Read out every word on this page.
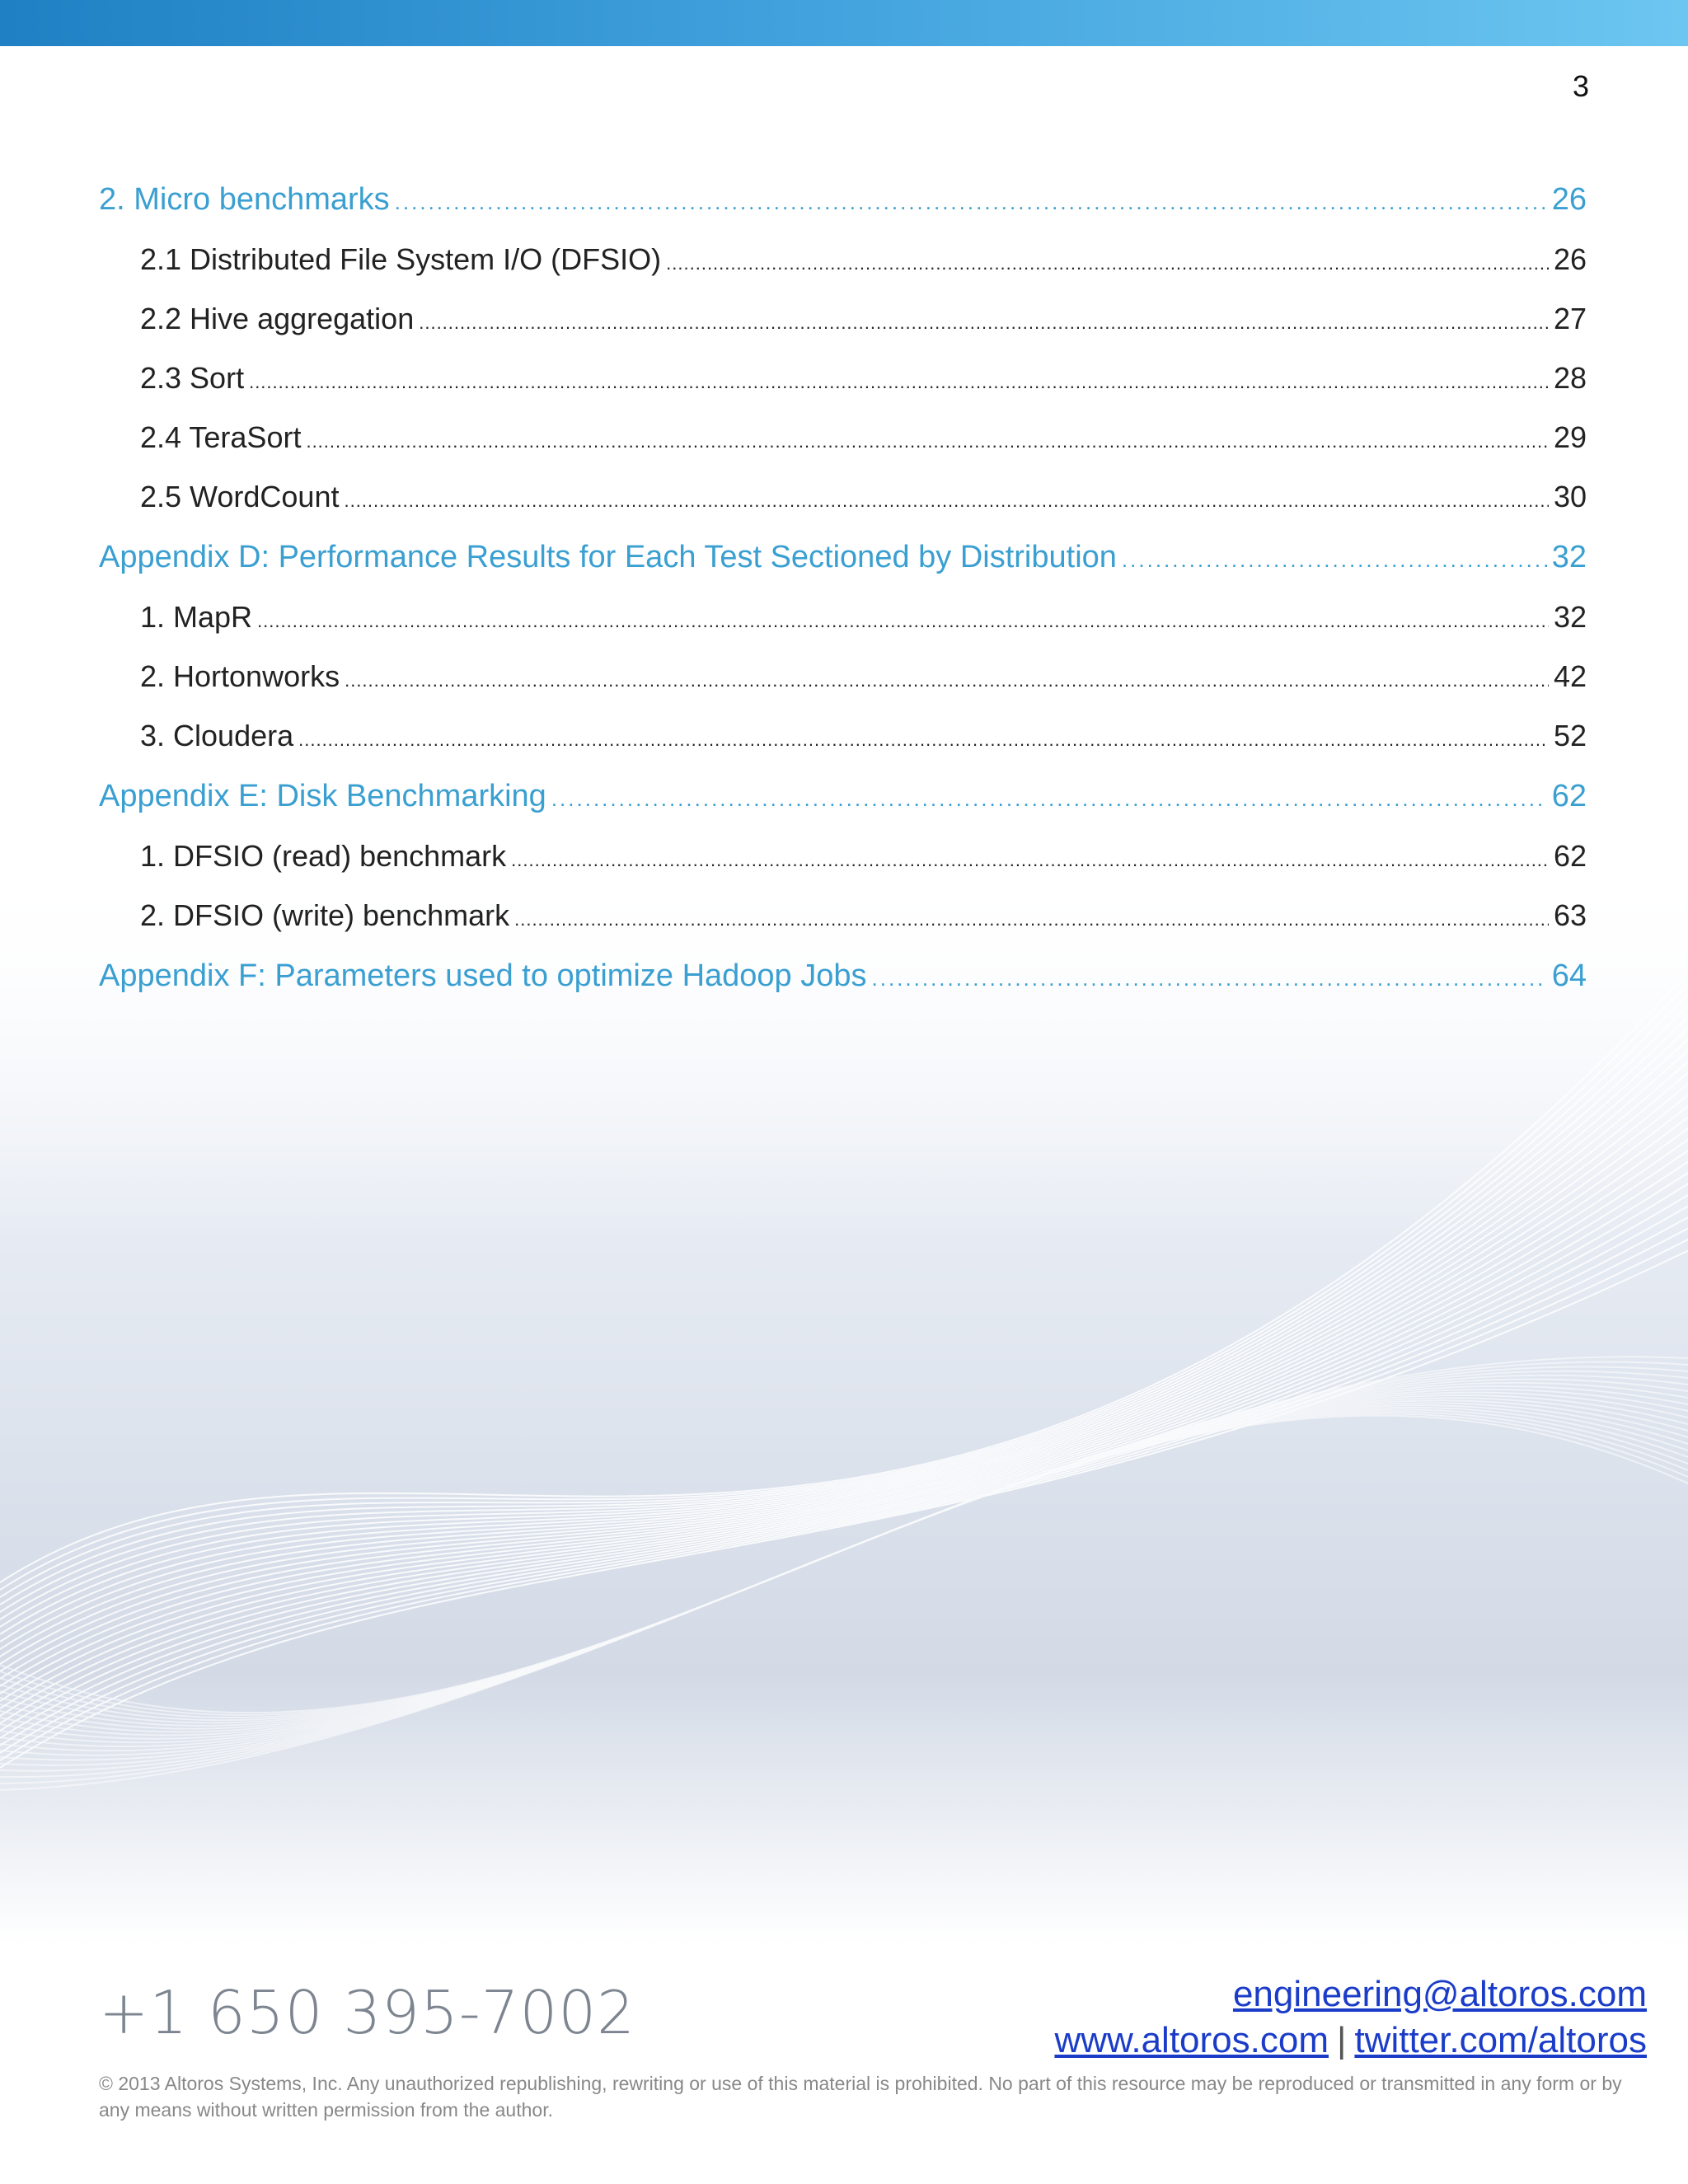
3
2. Micro benchmarks .....	26
2.1 Distributed File System I/O (DFSIO) .....	26
2.2 Hive aggregation .....	27
2.3 Sort .....	28
2.4 TeraSort .....	29
2.5 WordCount .....	30
Appendix D: Performance Results for Each Test Sectioned by Distribution .....	32
1. MapR .....	32
2. Hortonworks .....	42
3. Cloudera .....	52
Appendix E: Disk Benchmarking .....	62
1. DFSIO (read) benchmark .....	62
2. DFSIO (write) benchmark .....	63
Appendix F: Parameters used to optimize Hadoop Jobs .....	64
+1 650 395-7002	engineering@altoros.com
www.altoros.com | twitter.com/altoros
© 2013 Altoros Systems, Inc. Any unauthorized republishing, rewriting or use of this material is prohibited. No part of this resource may be reproduced or transmitted in any form or by any means without written permission from the author.
